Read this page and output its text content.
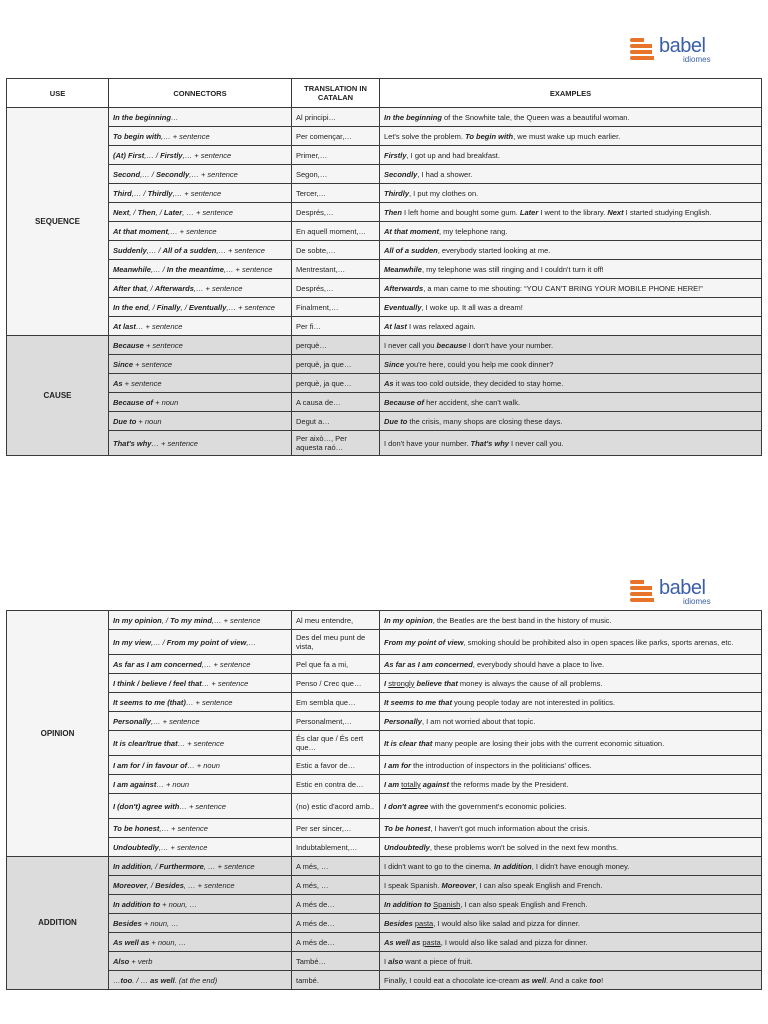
babel
idiomes
USE	CONNECTORS	TRANSLATION IN CATALAN	EXAMPLES
SEQUENCE	In the beginning…	Al principi…	In the beginning of the Snowhite tale, the Queen was a beautiful woman.
	To begin with,… + sentence	Per començar,…	Let's solve the problem. To begin with, we must wake up much earlier.
	(At) First,… / Firstly,… + sentence	Primer,…	Firstly, I got up and had breakfast.
	Second,… / Secondly,… + sentence	Segon,…	Secondly, I had a shower.
	Third,… / Thirdly,… + sentence	Tercer,…	Thirdly, I put my clothes on.
	Next, / Then, / Later, … + sentence	Després,…	Then I left home and bought some gum. Later I went to the library. Next I started studying English.
	At that moment,… + sentence	En aquell moment,…	At that moment, my telephone rang.
	Suddenly,… / All of a sudden,… + sentence	De sobte,…	All of a sudden, everybody started looking at me.
	Meanwhile,… / In the meantime,… + sentence	Mentrestant,…	Meanwhile, my telephone was still ringing and I couldn't turn it off!
	After that, / Afterwards,… + sentence	Després,…	Afterwards, a man came to me shouting: “YOU CAN'T BRING YOUR MOBILE PHONE HERE!”
	In the end, / Finally, / Eventually,… + sentence	Finalment,…	Eventually, I woke up. It all was a dream!
	At last… + sentence	Per fi…	At last I was relaxed again.
CAUSE	Because + sentence	perquè…	I never call you because I don't have your number.
	Since + sentence	perquè, ja que…	Since you're here, could you help me cook dinner?
	As + sentence	perquè, ja que…	As it was too cold outside, they decided to stay home.
	Because of + noun	A causa de…	Because of her accident, she can't walk.
	Due to + noun	Degut a…	Due to the crisis, many shops are closing these days.
	That's why… + sentence	Per això…, Per aquesta raó…	I don't have your number. That's why I never call you.
babel
idiomes
OPINION	In my opinion, / To my mind,… + sentence	Al meu entendre,	In my opinion, the Beatles are the best band in the history of music.
	In my view,… / From my point of view,…	Des del meu punt de vista,	From my point of view, smoking should be prohibited also in open spaces like parks, sports arenas, etc.
	As far as I am concerned,… + sentence	Pel que fa a mi,	As far as I am concerned, everybody should have a place to live.
	I think / believe / feel that… + sentence	Penso / Crec que…	I strongly believe that money is always the cause of all problems.
	It seems to me (that)… + sentence	Em sembla que…	It seems to me that young people today are not interested in politics.
	Personally,… + sentence	Personalment,…	Personally, I am not worried about that topic.
	It is clear/true that… + sentence	És clar que / És cert que…	It is clear that many people are losing their jobs with the current economic situation.
	I am for / in favour of… + noun	Estic a favor de…	I am for the introduction of inspectors in the politicians' offices.
	I am against… + noun	Estic en contra de…	I am totally against the reforms made by the President.
	I (don't) agree with… + sentence	(no) estic d'acord amb..	I don't agree with the government's economic policies.
	To be honest,… + sentence	Per ser sincer,…	To be honest, I haven't got much information about the crisis.
	Undoubtedly,… + sentence	Indubtablement,…	Undoubtedly, these problems won't be solved in the next few months.
ADDITION	In addition, / Furthermore, … + sentence	A més, …	I didn't want to go to the cinema. In addition, I didn't have enough money.
	Moreover, / Besides, … + sentence	A més, …	I speak Spanish. Moreover, I can also speak English and French.
	In addition to + noun, …	A més de…	In addition to Spanish, I can also speak English and French.
	Besides + noun, …	A més de…	Besides pasta, I would also like salad and pizza for dinner.
	As well as + noun, …	A més de…	As well as pasta, I would also like salad and pizza for dinner.
	Also + verb	També…	I also want a piece of fruit.
	…too. / … as well. (at the end)	també.	Finally, I could eat a chocolate ice-cream as well. And a cake too!
